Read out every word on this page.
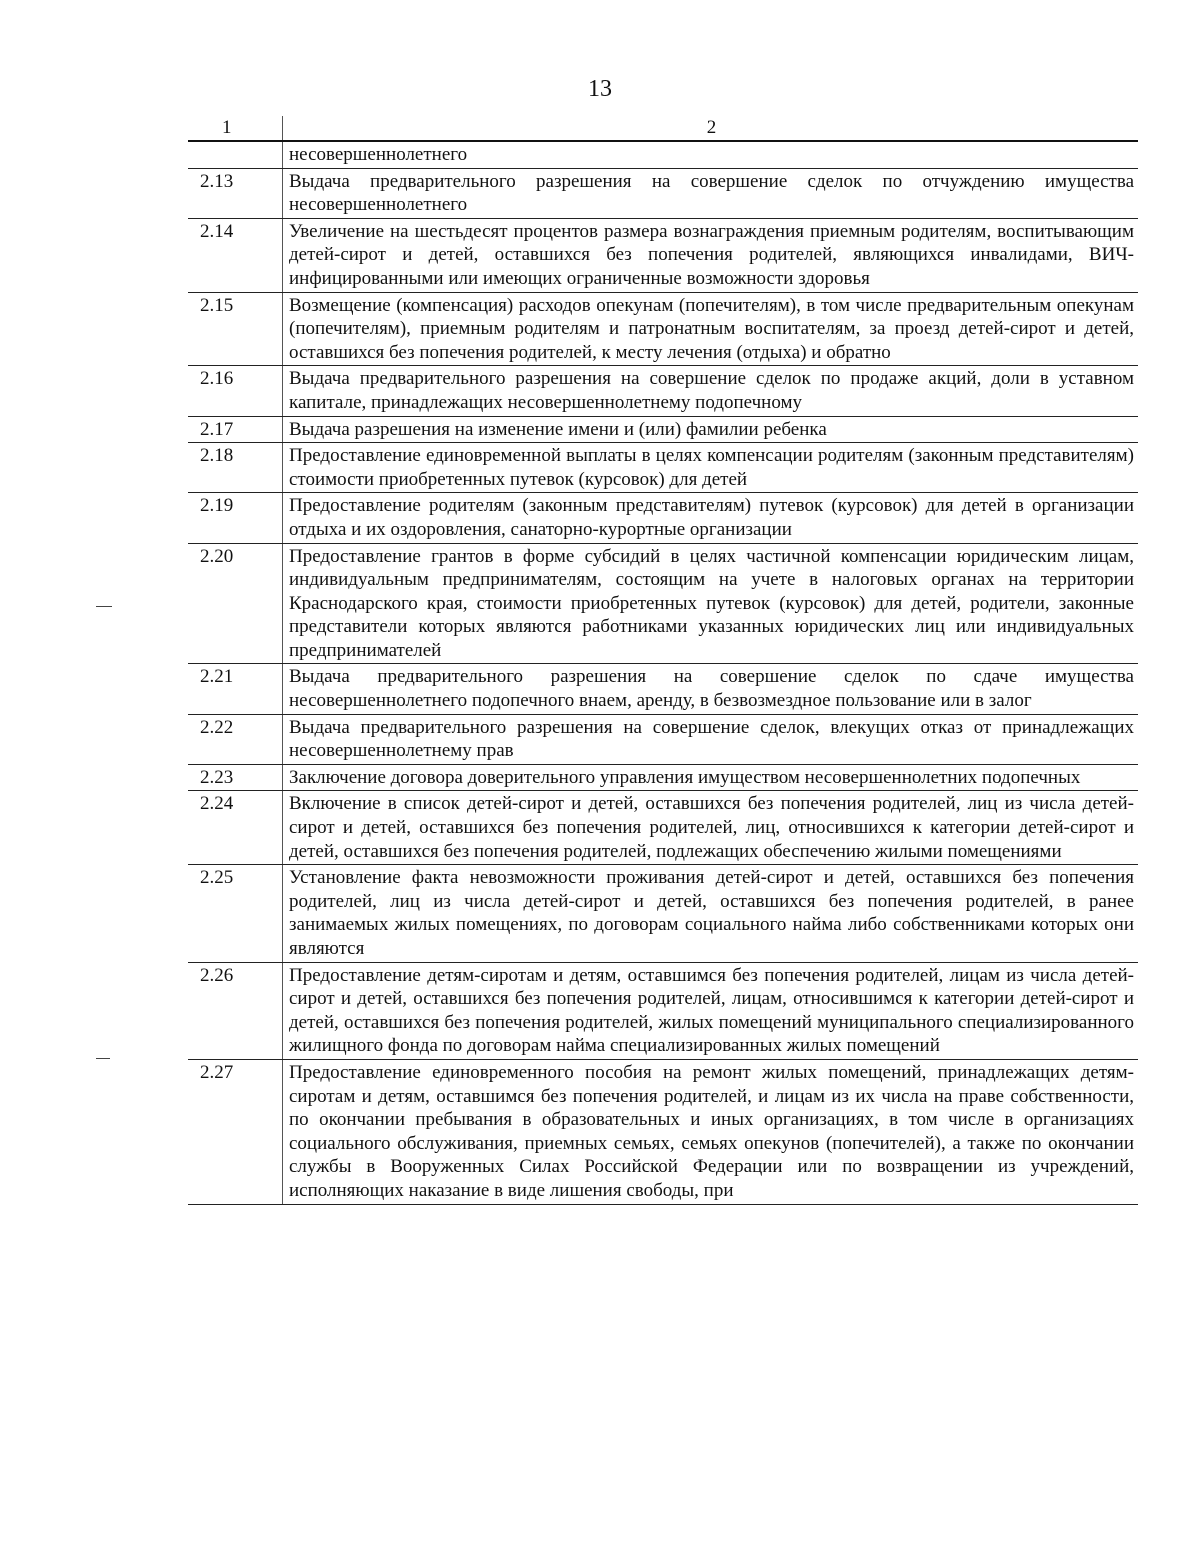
13
1	2
	несовершеннолетнего
2.13	Выдача предварительного разрешения на совершение сделок по отчуждению имущества несовершеннолетнего
2.14	Увеличение на шестьдесят процентов размера вознаграждения приемным родителям, воспитывающим детей-сирот и детей, оставшихся без попечения родителей, являющихся инвалидами, ВИЧ-инфицированными или имеющих ограниченные возможности здоровья
2.15	Возмещение (компенсация) расходов опекунам (попечителям), в том числе предварительным опекунам (попечителям), приемным родителям и патронатным воспитателям, за проезд детей-сирот и детей, оставшихся без попечения родителей, к месту лечения (отдыха) и обратно
2.16	Выдача предварительного разрешения на совершение сделок по продаже акций, доли в уставном капитале, принадлежащих несовершеннолетнему подопечному
2.17	Выдача разрешения на изменение имени и (или) фамилии ребенка
2.18	Предоставление единовременной выплаты в целях компенсации родителям (законным представителям) стоимости приобретенных путевок (курсовок) для детей
2.19	Предоставление родителям (законным представителям) путевок (курсовок) для детей в организации отдыха и их оздоровления, санаторно-курортные организации
2.20	Предоставление грантов в форме субсидий в целях частичной компенсации юридическим лицам, индивидуальным предпринимателям, состоящим на учете в налоговых органах на территории Краснодарского края, стоимости приобретенных путевок (курсовок) для детей, родители, законные представители которых являются работниками указанных юридических лиц или индивидуальных предпринимателей
2.21	Выдача предварительного разрешения на совершение сделок по сдаче имущества несовершеннолетнего подопечного внаем, аренду, в безвозмездное пользование или в залог
2.22	Выдача предварительного разрешения на совершение сделок, влекущих отказ от принадлежащих несовершеннолетнему прав
2.23	Заключение договора доверительного управления имуществом несовершеннолетних подопечных
2.24	Включение в список детей-сирот и детей, оставшихся без попечения родителей, лиц из числа детей-сирот и детей, оставшихся без попечения родителей, лиц, относившихся к категории детей-сирот и детей, оставшихся без попечения родителей, подлежащих обеспечению жилыми помещениями
2.25	Установление факта невозможности проживания детей-сирот и детей, оставшихся без попечения родителей, лиц из числа детей-сирот и детей, оставшихся без попечения родителей, в ранее занимаемых жилых помещениях, по договорам социального найма либо собственниками которых они являются
2.26	Предоставление детям-сиротам и детям, оставшимся без попечения родителей, лицам из числа детей-сирот и детей, оставшихся без попечения родителей, лицам, относившимся к категории детей-сирот и детей, оставшихся без попечения родителей, жилых помещений муниципального специализированного жилищного фонда по договорам найма специализированных жилых помещений
2.27	Предоставление единовременного пособия на ремонт жилых помещений, принадлежащих детям-сиротам и детям, оставшимся без попечения родителей, и лицам из их числа на праве собственности, по окончании пребывания в образовательных и иных организациях, в том числе в организациях социального обслуживания, приемных семьях, семьях опекунов (попечителей), а также по окончании службы в Вооруженных Силах Российской Федерации или по возвращении из учреждений, исполняющих наказание в виде лишения свободы, при
